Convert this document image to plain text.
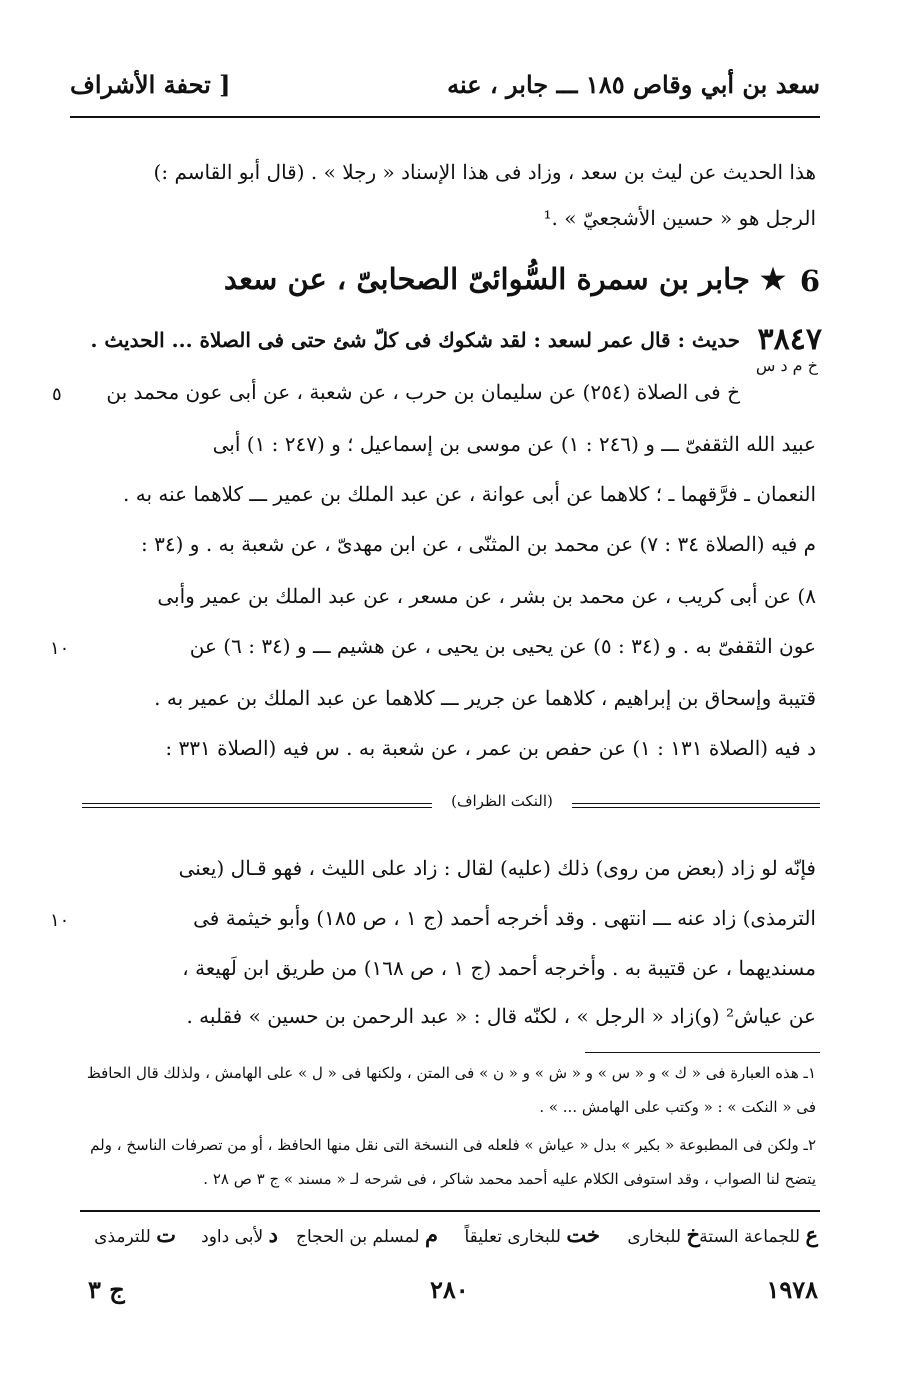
سعد بن أبي وقاص ١٨٥ ـــ جابر ، عنه
[ تحفة الأشراف
هذا الحديث عن ليث بن سعد ، وزاد فى هذا الإسناد « رجلا » . (قال أبو القاسم :)
الرجل هو « حسين الأشجعيّ » .¹
6
★ جابر بن سمرة السُّوائىّ الصحابىّ ، عن سعد
٣٨٤٧
حديث : قال عمر لسعد : لقد شكوك فى كلّ شئ حتى فى الصلاة ... الحديث .
خ م د س
خ فى الصلاة (٢٥٤) عن سليمان بن حرب ، عن شعبة ، عن أبى عون محمد بن
عبيد الله الثقفىّ ـــ و (٢٤٦ : ١) عن موسى بن إسماعيل ؛ و (٢٤٧ : ١) أبى
النعمان ـ فرَّقهما ـ ؛ كلاهما عن أبى عوانة ، عن عبد الملك بن عمير ـــ كلاهما عنه به .
م فيه (الصلاة ٣٤ : ٧) عن محمد بن المثنّى ، عن ابن مهدىّ ، عن شعبة به . و (٣٤ :
٨) عن أبى كريب ، عن محمد بن بشر ، عن مسعر ، عن عبد الملك بن عمير وأبى
عون الثقفىّ به . و (٣٤ : ٥) عن يحيى بن يحيى ، عن هشيم ـــ و (٣٤ : ٦) عن
قتيبة وإسحاق بن إبراهيم ، كلاهما عن جرير ـــ كلاهما عن عبد الملك بن عمير به .
د فيه (الصلاة ١٣١ : ١) عن حفص بن عمر ، عن شعبة به . س فيه (الصلاة ٣٣١ :
٥
١٠
(النكت الظراف)
فإنّه لو زاد (بعض من روى) ذلك (عليه) لقال : زاد على الليث ، فهو قـال (يعنى
الترمذى) زاد عنه ـــ انتهى . وقد أخرجه أحمد (ج ١ ، ص ١٨٥) وأبو خيثمة فى
مسنديهما ، عن قتيبة به . وأخرجه أحمد (ج ١ ، ص ١٦٨) من طريق ابن لَهيعة ،
عن عياش² (و)زاد « الرجل » ، لكنّه قال : « عبد الرحمن بن حسين » فقلبه .
١٠
١ـ هذه العبارة فى « ك » و « س » و « ش » و « ن » فى المتن ، ولكنها فى « ل » على الهامش ، ولذلك قال الحافظ
فى « النكت » : « وكتب على الهامش ... » .
٢ـ ولكن فى المطبوعة « بكير » بدل « عياش » فلعله فى النسخة التى نقل منها الحافظ ، أو من تصرفات الناسخ ، ولم
يتضح لنا الصواب ، وقد استوفى الكلام عليه أحمد محمد شاكر ، فى شرحه لـ « مسند » ج ٣ ص ٢٨ .
ع للجماعة الستة
خ للبخارى
خت للبخارى تعليقاً
م لمسلم بن الحجاج
د لأبى داود
ت للترمذى
١٩٧٨
٢٨٠
ج ٣
